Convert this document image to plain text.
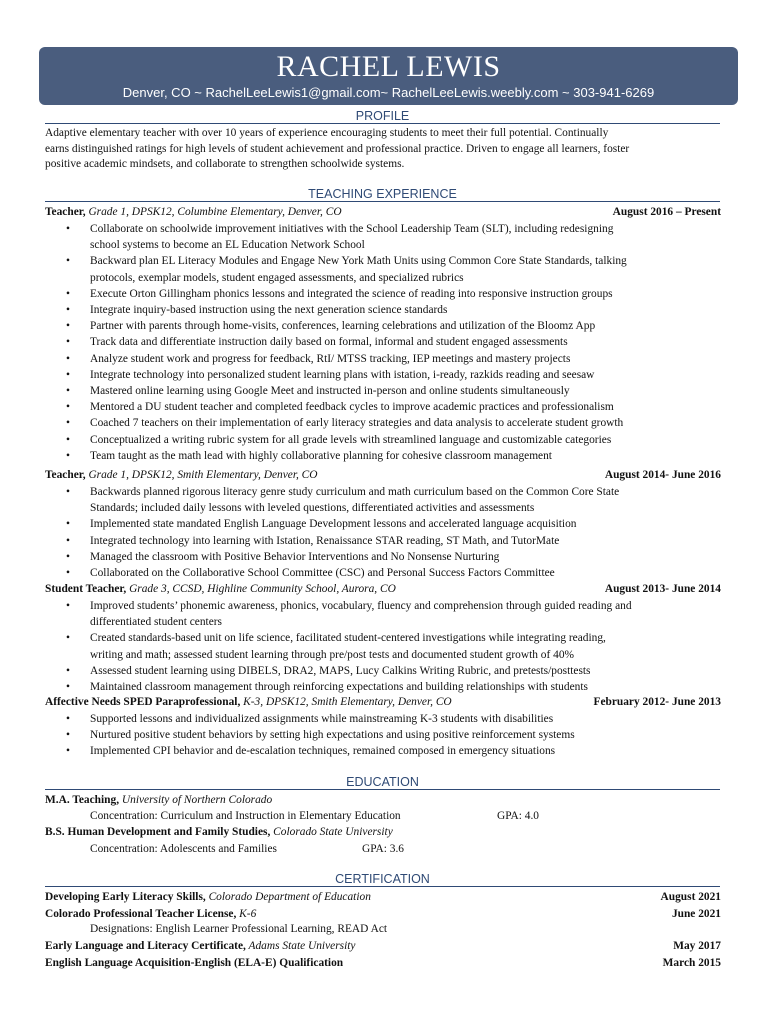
RACHEL LEWIS
Denver, CO ~ RachelLeeLewis1@gmail.com~ RachelLeeLewis.weebly.com ~ 303-941-6269
PROFILE
Adaptive elementary teacher with over 10 years of experience encouraging students to meet their full potential. Continually
earns distinguished ratings for high levels of student achievement and professional practice. Driven to engage all learners, foster
positive academic mindsets, and collaborate to strengthen schoolwide systems.
TEACHING EXPERIENCE
Teacher, Grade 1, DPSK12, Columbine Elementary, Denver, CO	August 2016 – Present
• Collaborate on schoolwide improvement initiatives with the School Leadership Team (SLT), including redesigning
school systems to become an EL Education Network School
• Backward plan EL Literacy Modules and Engage New York Math Units using Common Core State Standards, talking
protocols, exemplar models, student engaged assessments, and specialized rubrics
• Execute Orton Gillingham phonics lessons and integrated the science of reading into responsive instruction groups
• Integrate inquiry-based instruction using the next generation science standards
• Partner with parents through home-visits, conferences, learning celebrations and utilization of the Bloomz App
• Track data and differentiate instruction daily based on formal, informal and student engaged assessments
• Analyze student work and progress for feedback, RtI/ MTSS tracking, IEP meetings and mastery projects
• Integrate technology into personalized student learning plans with istation, i-ready, razkids reading and seesaw
• Mastered online learning using Google Meet and instructed in-person and online students simultaneously
• Mentored a DU student teacher and completed feedback cycles to improve academic practices and professionalism
• Coached 7 teachers on their implementation of early literacy strategies and data analysis to accelerate student growth
• Conceptualized a writing rubric system for all grade levels with streamlined language and customizable categories
• Team taught as the math lead with highly collaborative planning for cohesive classroom management
Teacher, Grade 1, DPSK12, Smith Elementary, Denver, CO	August 2014- June 2016
• Backwards planned rigorous literacy genre study curriculum and math curriculum based on the Common Core State
Standards; included daily lessons with leveled questions, differentiated activities and assessments
• Implemented state mandated English Language Development lessons and accelerated language acquisition
• Integrated technology into learning with Istation, Renaissance STAR reading, ST Math, and TutorMate
• Managed the classroom with Positive Behavior Interventions and No Nonsense Nurturing
• Collaborated on the Collaborative School Committee (CSC) and Personal Success Factors Committee
Student Teacher, Grade 3, CCSD, Highline Community School, Aurora, CO	August 2013- June 2014
• Improved students’ phonemic awareness, phonics, vocabulary, fluency and comprehension through guided reading and
differentiated student centers
• Created standards-based unit on life science, facilitated student-centered investigations while integrating reading,
writing and math; assessed student learning through pre/post tests and documented student growth of 40%
• Assessed student learning using DIBELS, DRA2, MAPS, Lucy Calkins Writing Rubric, and pretests/posttests
• Maintained classroom management through reinforcing expectations and building relationships with students
Affective Needs SPED Paraprofessional, K-3, DPSK12, Smith Elementary, Denver, CO	February 2012- June 2013
• Supported lessons and individualized assignments while mainstreaming K-3 students with disabilities
• Nurtured positive student behaviors by setting high expectations and using positive reinforcement systems
• Implemented CPI behavior and de-escalation techniques, remained composed in emergency situations
EDUCATION
M.A. Teaching, University of Northern Colorado
Concentration: Curriculum and Instruction in Elementary Education	GPA: 4.0
B.S. Human Development and Family Studies, Colorado State University
Concentration: Adolescents and Families	GPA: 3.6
CERTIFICATION
Developing Early Literacy Skills, Colorado Department of Education	August 2021
Colorado Professional Teacher License, K-6	June 2021
Designations: English Learner Professional Learning, READ Act
Early Language and Literacy Certificate, Adams State University	May 2017
English Language Acquisition-English (ELA-E) Qualification	March 2015
